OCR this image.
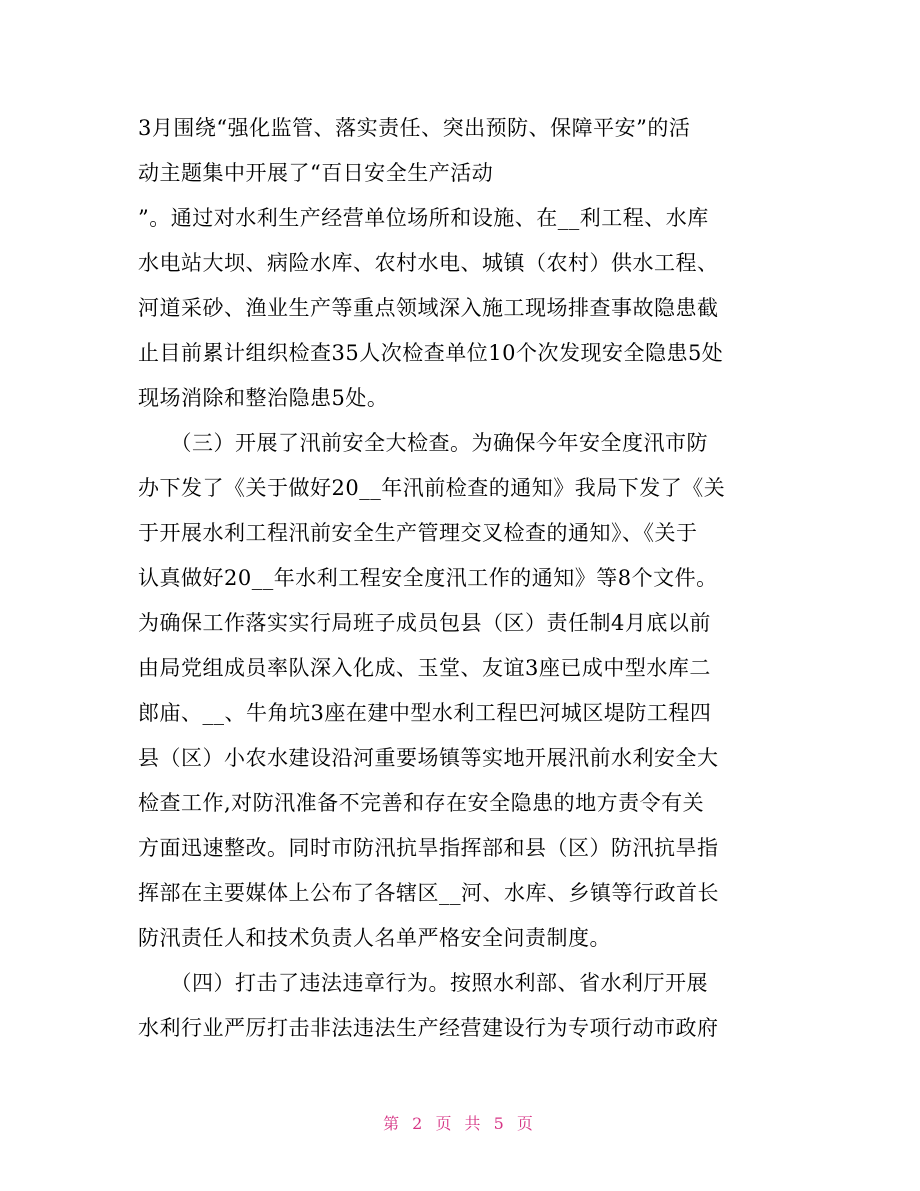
3月围绕“强化监管、落实责任、突出预防、保障平安”的活
动主题集中开展了“百日安全生产活动
”。通过对水利生产经营单位场所和设施、在__利工程、水库
水电站大坝、病险水库、农村水电、城镇（农村）供水工程、
河道采砂、渔业生产等重点领域深入施工现场排查事故隐患截
止目前累计组织检查35人次检查单位10个次发现安全隐患5处
现场消除和整治隐患5处。
　　（三）开展了汛前安全大检查。为确保今年安全度汛市防
办下发了《关于做好20__年汛前检查的通知》我局下发了《关
于开展水利工程汛前安全生产管理交叉检查的通知》、《关于
认真做好20__年水利工程安全度汛工作的通知》等8个文件。
为确保工作落实实行局班子成员包县（区）责任制4月底以前
由局党组成员率队深入化成、玉堂、友谊3座已成中型水库二
郎庙、__、牛角坑3座在建中型水利工程巴河城区堤防工程四
县（区）小农水建设沿河重要场镇等实地开展汛前水利安全大
检查工作,对防汛准备不完善和存在安全隐患的地方责令有关
方面迅速整改。同时市防汛抗旱指挥部和县（区）防汛抗旱指
挥部在主要媒体上公布了各辖区__河、水库、乡镇等行政首长
防汛责任人和技术负责人名单严格安全问责制度。
　　（四）打击了违法违章行为。按照水利部、省水利厅开展
水利行业严厉打击非法违法生产经营建设行为专项行动市政府
第 2 页 共 5 页
